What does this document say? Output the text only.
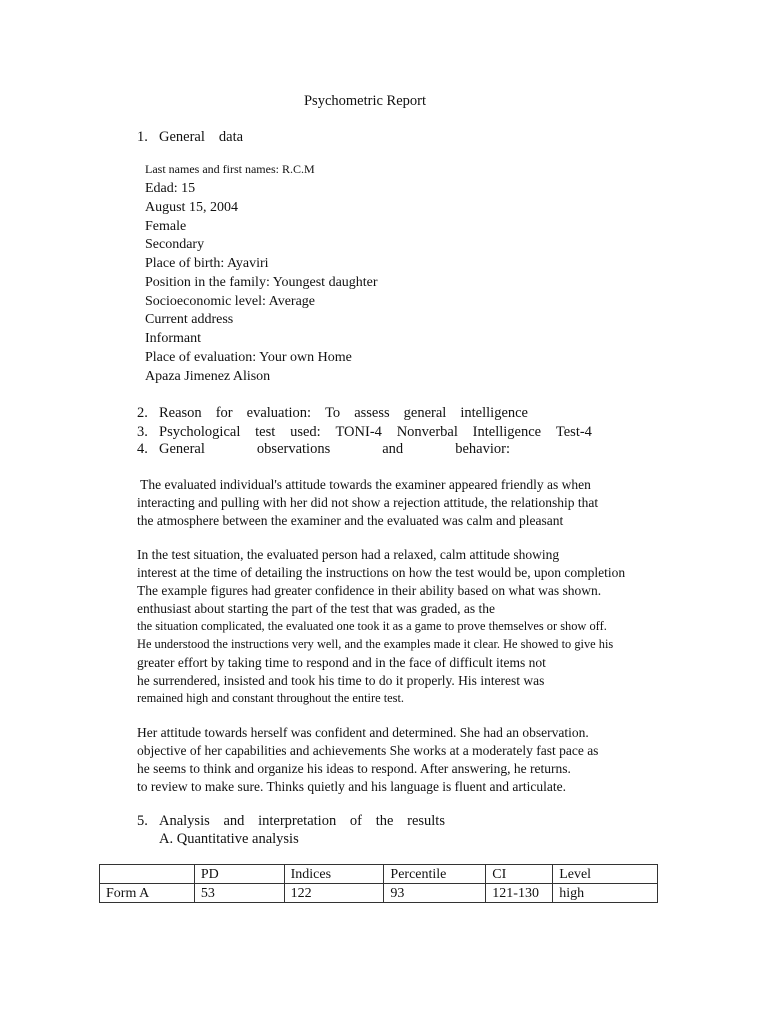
Psychometric Report
1. General data
Last names and first names: R.C.M
Edad: 15
August 15, 2004
Female
Secondary
Place of birth: Ayaviri
Position in the family: Youngest daughter
Socioeconomic level: Average
Current address
Informant
Place of evaluation: Your own Home
Apaza Jimenez Alison
2. Reason for evaluation: To assess general intelligence
3. Psychological test used: TONI-4 Nonverbal Intelligence Test-4
4. General	observations	and	behavior:
The evaluated individual's attitude towards the examiner appeared friendly as when
interacting and pulling with her did not show a rejection attitude, the relationship that
the atmosphere between the examiner and the evaluated was calm and pleasant
In the test situation, the evaluated person had a relaxed, calm attitude showing
interest at the time of detailing the instructions on how the test would be, upon completion
The example figures had greater confidence in their ability based on what was shown.
enthusiast about starting the part of the test that was graded, as the
the situation complicated, the evaluated one took it as a game to prove themselves or show off.
He understood the instructions very well, and the examples made it clear. He showed to give his
greater effort by taking time to respond and in the face of difficult items not
he surrendered, insisted and took his time to do it properly. His interest was
remained high and constant throughout the entire test.
Her attitude towards herself was confident and determined. She had an observation.
objective of her capabilities and achievements She works at a moderately fast pace as
he seems to think and organize his ideas to respond. After answering, he returns.
to review to make sure. Thinks quietly and his language is fluent and articulate.
5. Analysis and interpretation of the results
A. Quantitative analysis
	PD	Indices	Percentile	CI	Level
Form A	53	122	93	121-130	high
